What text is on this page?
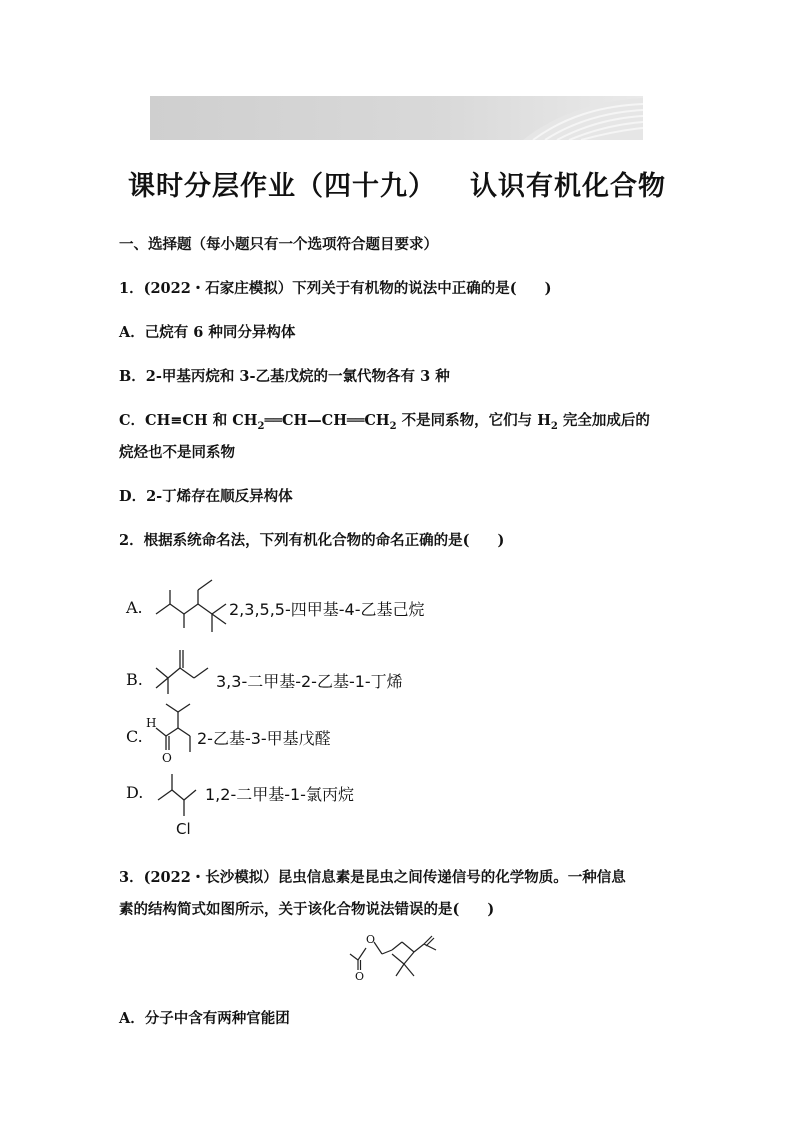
课时分层作业（四十九） 认识有机化合物
一、选择题（每小题只有一个选项符合题目要求）
1．(2022・石家庄模拟）下列关于有机物的说法中正确的是( )
A．己烷有 6 种同分异构体
B．2-甲基丙烷和 3-乙基戊烷的一氯代物各有 3 种
C．CH≡CH 和 $CH_2══CH—CH══CH_2$ 不是同系物，它们与 $H_2$ 完全加成后的
烷烃也不是同系物
D．2-丁烯存在顺反异构体
2．根据系统命名法，下列有机化合物的命名正确的是( )
A.	2,3,5,5-四甲基-4-乙基己烷
B.	3,3-二甲基-2-乙基-1-丁烯
C.
H
O
2-乙基-3-甲基戊醛
D.
Cl
1,2-二甲基-1-氯丙烷
3．(2022・长沙模拟）昆虫信息素是昆虫之间传递信号的化学物质。一种信息
素的结构简式如图所示，关于该化合物说法错误的是( )
O
O
A．分子中含有两种官能团
